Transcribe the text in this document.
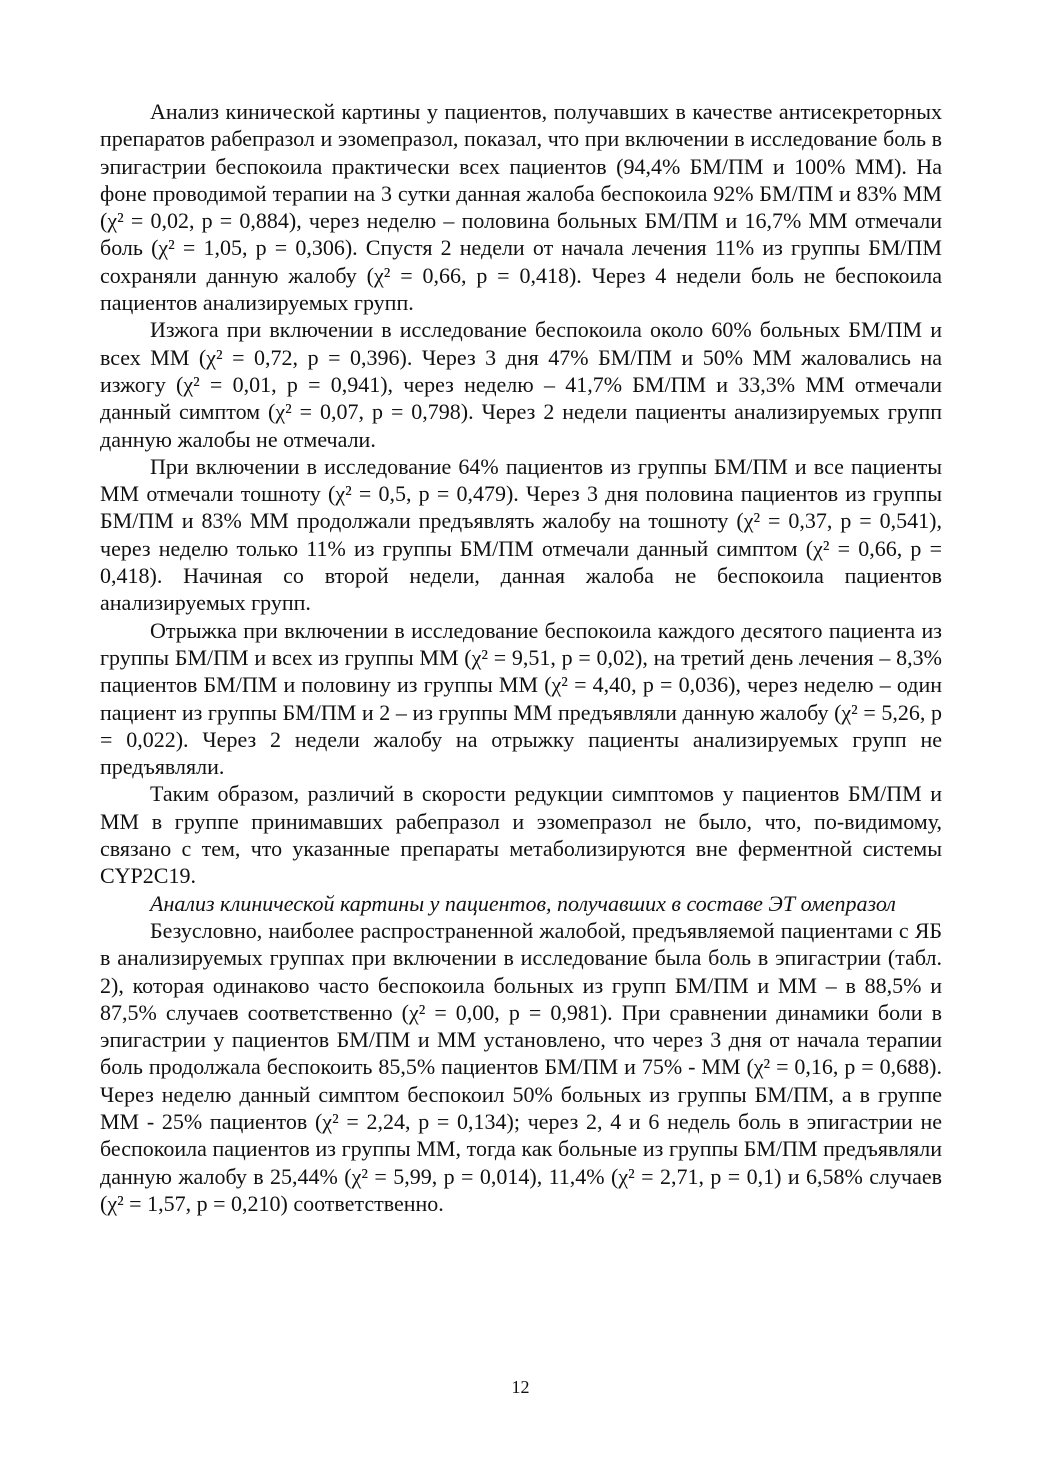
Анализ кинической картины у пациентов, получавших в качестве антисекреторных препаратов рабепразол и эзомепразол, показал, что при включении в исследование боль в эпигастрии беспокоила практически всех пациентов (94,4% БМ/ПМ и 100% ММ). На фоне проводимой терапии на 3 сутки данная жалоба беспокоила 92% БМ/ПМ и 83% ММ (χ² = 0,02, p = 0,884), через неделю – половина больных БМ/ПМ и 16,7% ММ отмечали боль (χ² = 1,05, p = 0,306). Спустя 2 недели от начала лечения 11% из группы БМ/ПМ сохраняли данную жалобу (χ² = 0,66, p = 0,418). Через 4 недели боль не беспокоила пациентов анализируемых групп.

Изжога при включении в исследование беспокоила около 60% больных БМ/ПМ и всех ММ (χ² = 0,72, p = 0,396). Через 3 дня 47% БМ/ПМ и 50% ММ жаловались на изжогу (χ² = 0,01, p = 0,941), через неделю – 41,7% БМ/ПМ и 33,3% ММ отмечали данный симптом (χ² = 0,07, p = 0,798). Через 2 недели пациенты анализируемых групп данную жалобы не отмечали.

При включении в исследование 64% пациентов из группы БМ/ПМ и все пациенты ММ отмечали тошноту (χ² = 0,5, p = 0,479). Через 3 дня половина пациентов из группы БМ/ПМ и 83% ММ продолжали предъявлять жалобу на тошноту (χ² = 0,37, p = 0,541), через неделю только 11% из группы БМ/ПМ отмечали данный симптом (χ² = 0,66, p = 0,418). Начиная со второй недели, данная жалоба не беспокоила пациентов анализируемых групп.

Отрыжка при включении в исследование беспокоила каждого десятого пациента из группы БМ/ПМ и всех из группы ММ (χ² = 9,51, p = 0,02), на третий день лечения – 8,3% пациентов БМ/ПМ и половину из группы ММ (χ² = 4,40, p = 0,036), через неделю – один пациент из группы БМ/ПМ и 2 – из группы ММ предъявляли данную жалобу (χ² = 5,26, p = 0,022). Через 2 недели жалобу на отрыжку пациенты анализируемых групп не предъявляли.

Таким образом, различий в скорости редукции симптомов у пациентов БМ/ПМ и ММ в группе принимавших рабепразол и эзомепразол не было, что, по-видимому, связано с тем, что указанные препараты метаболизируются вне ферментной системы CYP2C19.

Анализ клинической картины у пациентов, получавших в составе ЭТ омепразол

Безусловно, наиболее распространенной жалобой, предъявляемой пациентами с ЯБ в анализируемых группах при включении в исследование была боль в эпигастрии (табл. 2), которая одинаково часто беспокоила больных из групп БМ/ПМ и ММ – в 88,5% и 87,5% случаев соответственно (χ² = 0,00, p = 0,981). При сравнении динамики боли в эпигастрии у пациентов БМ/ПМ и ММ установлено, что через 3 дня от начала терапии боль продолжала беспокоить 85,5% пациентов БМ/ПМ и 75% - ММ (χ² = 0,16, p = 0,688). Через неделю данный симптом беспокоил 50% больных из группы БМ/ПМ, а в группе ММ - 25% пациентов (χ² = 2,24, p = 0,134); через 2, 4 и 6 недель боль в эпигастрии не беспокоила пациентов из группы ММ, тогда как больные из группы БМ/ПМ предъявляли данную жалобу в 25,44% (χ² = 5,99, p = 0,014), 11,4% (χ² = 2,71, p = 0,1) и 6,58% случаев (χ² = 1,57, p = 0,210) соответственно.

12
